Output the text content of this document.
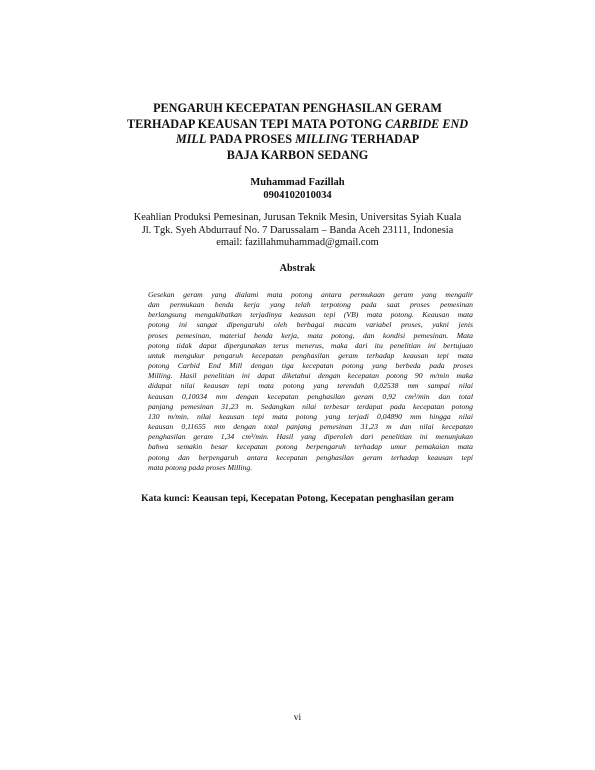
PENGARUH KECEPATAN PENGHASILAN GERAM
TERHADAP KEAUSAN TEPI MATA POTONG CARBIDE END
MILL PADA PROSES MILLING TERHADAP
BAJA KARBON SEDANG
Muhammad Fazillah
0904102010034
Keahlian Produksi Pemesinan, Jurusan Teknik Mesin, Universitas Syiah Kuala
Jl. Tgk. Syeh Abdurrauf No. 7 Darussalam – Banda Aceh 23111, Indonesia
email: fazillahmuhammad@gmail.com
Abstrak
Gesekan geram yang dialami mata potong antara permukaan geram yang mengalir
dan permukaan benda kerja yang telah terpotong pada saat proses pemesinan
berlangsung mengakibatkan terjadinya keausan tepi (VB) mata potong. Keausan mata
potong ini sangat dipengaruhi oleh berbagai macam variabel proses, yakni jenis
proses pemesinan, material benda kerja, mata potong, dan kondisi pemesinan. Mata
potong tidak dapat dipergunakan terus menerus, maka dari itu penelitian ini bertujuan
untuk mengukur pengaruh kecepatan penghasilan geram terhadap keausan tepi mata
potong Carbid End Mill dengan tiga kecepatan potong yang berbeda pada proses
Milling. Hasil penelitian ini dapat diketahui dengan kecepatan potong 90 m/min maka
didapat nilai keausan tepi mata potong yang terendah 0,02538 mm sampai nilai
keausan 0,10034 mm dengan kecepatan penghasilan geram 0,92 cm³/min dan total
panjang pemesinan 31,23 m. Sedangkan nilai terbesar terdapat pada kecepatan potong
130 m/min, nilai keausan tepi mata potong yang terjadi 0,04890 mm hingga nilai
keausan 0,11655 mm dengan total panjang pemesinan 31,23 m dan nilai kecepatan
penghasilan geram 1,34 cm³/min. Hasil yang diperoleh dari penelitian ini menunjukan
bahwa semakin besar kecepatan potong berpengaruh terhadap umur pemakaian mata
potong dan berpengaruh antara kecepatan penghasilan geram terhadap keausan tepi
mata potong pada proses Milling.
Kata kunci: Keausan tepi, Kecepatan Potong, Kecepatan penghasilan geram
vi
